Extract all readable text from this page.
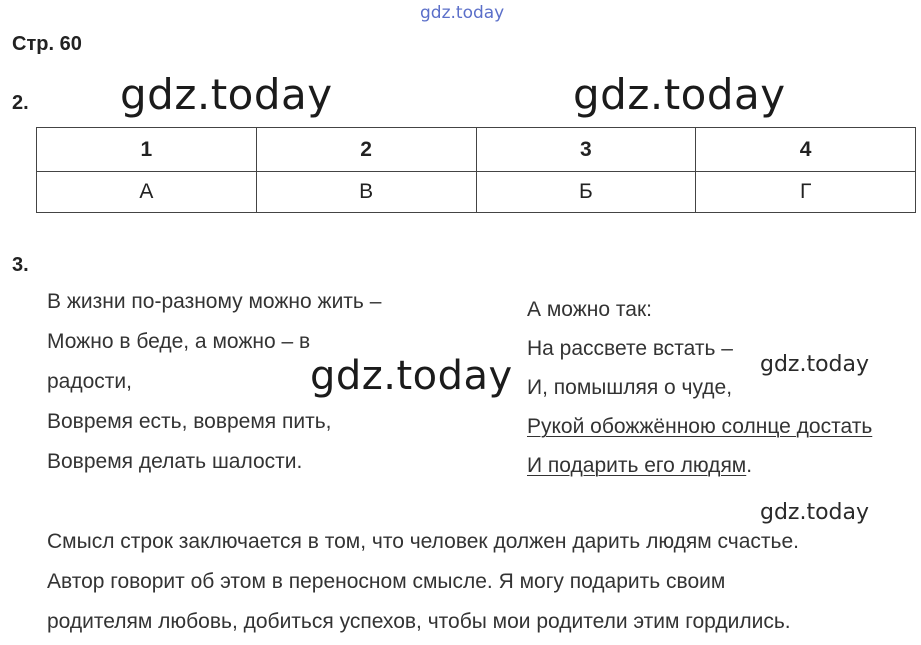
gdz.today
Стр. 60
2. gdz.today	gdz.today
1	2	3	4
А	В	Б	Г
3.
В жизни по-разному можно жить –
Можно в беде, а можно – в
радости,
Вовремя есть, вовремя пить,
Вовремя делать шалости.
gdz.today
А можно так:
На рассвете встать –
И, помышляя о чуде,
Рукой обожжённою солнце достать
И подарить его людям.
gdz.today
gdz.today
Смысл строк заключается в том, что человек должен дарить людям счастье.
Автор говорит об этом в переносном смысле. Я могу подарить своим
родителям любовь, добиться успехов, чтобы мои родители этим гордились.
